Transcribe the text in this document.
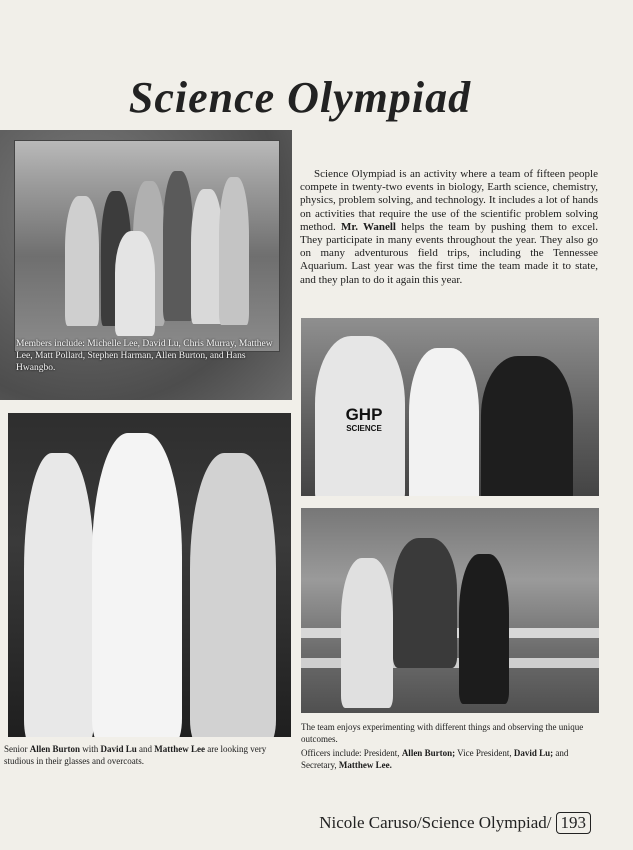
Science Olympiad
Members include: Michelle Lee, David Lu, Chris Murray, Matthew Lee, Matt Pollard, Stephen Harman, Allen Burton, and Hans Hwangbo.

Science Olympiad is an activity where a team of fifteen people compete in twenty-two events in biology, Earth science, chemistry, physics, problem solving, and technology. It includes a lot of hands on activities that require the use of the scientific problem solving method. Mr. Wanell helps the team by pushing them to excel. They participate in many events throughout the year. They also go on many adventurous field trips, including the Tennessee Aquarium. Last year was the first time the team made it to state, and they plan to do it again this year.

GHP
SCIENCE
Senior Allen Burton with David Lu and Matthew Lee are looking very studious in their glasses and overcoats.
The team enjoys experimenting with different things and observing the unique outcomes.
Officers include: President, Allen Burton; Vice President, David Lu; and Secretary, Matthew Lee.
Nicole Caruso/Science Olympiad/ 193
